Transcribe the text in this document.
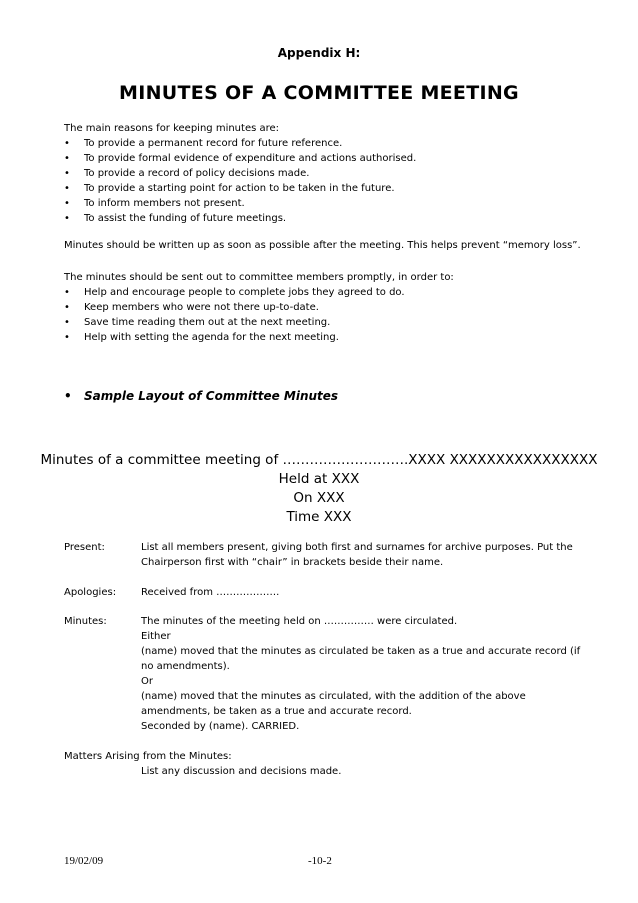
Appendix H:
MINUTES OF A COMMITTEE MEETING
The main reasons for keeping minutes are:
• To provide a permanent record for future reference.
• To provide formal evidence of expenditure and actions authorised.
• To provide a record of policy decisions made.
• To provide a starting point for action to be taken in the future.
• To inform members not present.
• To assist the funding of future meetings.
Minutes should be written up as soon as possible after the meeting. This helps prevent “memory loss”.
The minutes should be sent out to committee members promptly, in order to:
• Help and encourage people to complete jobs they agreed to do.
• Keep members who were not there up-to-date.
• Save time reading them out at the next meeting.
• Help with setting the agenda for the next meeting.
• Sample Layout of Committee Minutes
Minutes of a committee meeting of ……………………….XXXX XXXXXXXXXXXXXXXX
Held at XXX
On XXX
Time XXX
Present:	List all members present, giving both first and surnames for archive purposes. Put the
Chairperson first with “chair” in brackets beside their name.
Apologies: Received from ……………….
Minutes:	The minutes of the meeting held on …………… were circulated.
Either
(name) moved that the minutes as circulated be taken as a true and accurate record (if
no amendments).
Or
(name) moved that the minutes as circulated, with the addition of the above
amendments, be taken as a true and accurate record.
Seconded by (name). CARRIED.
Matters Arising from the Minutes:
List any discussion and decisions made.
19/02/09	-10-2
